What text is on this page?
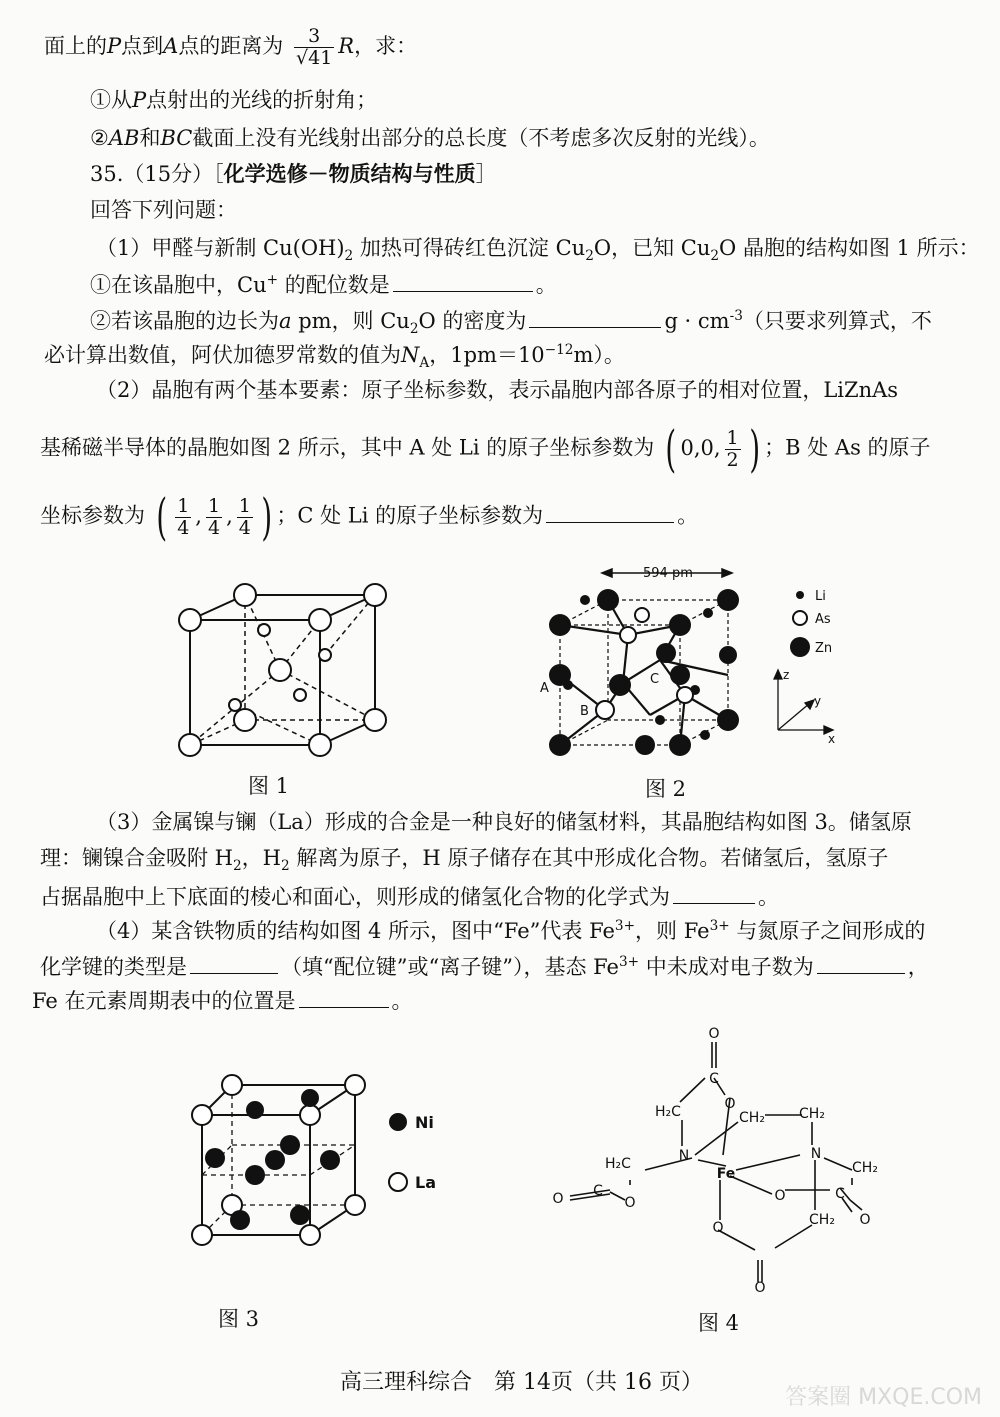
面上的P点到A点的距离为 $\frac{3}{√41}$ R，求：
①从P点射出的光线的折射角；
②AB和BC截面上没有光线射出部分的总长度（不考虑多次反射的光线）。
35.（15分）［化学选修－物质结构与性质］
回答下列问题：
（1）甲醛与新制 $Cu(OH)_2$ 加热可得砖红色沉淀 $Cu_2O$，已知 $Cu_2O$ 晶胞的结构如图 1 所示：
①在该晶胞中，Cu+ 的配位数是	。
②若该晶胞的边长为a pm，则 $Cu_2O$ 的密度为	$g \cdot cm^{-3}$（只要求列算式，不
必计算出数值，阿伏加德罗常数的值为$N_A$，$1pm=10^{-12}m$）。
（2）晶胞有两个基本要素：原子坐标参数，表示晶胞内部各原子的相对位置，LiZnAs
基稀磁半导体的晶胞如图 2 所示，其中 A 处 Li 的原子坐标参数为 ( 0,0, $\frac{1}{2}$ ) ；B 处 As 的原子
坐标参数为 ( $\frac{1}{4}$ , $\frac{1}{4}$ , $\frac{1}{4}$ ) ；C 处 Li 的原子坐标参数为	。
图 1
594 pm
A
B
C
Li
As
Zn
z
y
x
图 2
（3）金属镍与镧（La）形成的合金是一种良好的储氢材料，其晶胞结构如图 3。储氢原
理：镧镍合金吸附 $H_2$，$H_2$ 解离为原子，H 原子储存在其中形成化合物。若储氢后，氢原子
占据晶胞中上下底面的棱心和面心，则形成的储氢化合物的化学式为	。
（4）某含铁物质的结构如图 4 所示，图中“Fe”代表 $Fe^{3+}$，则 $Fe^{3+}$ 与氮原子之间形成的
化学键的类型是	（填“配位键”或“离子键”），基态 $Fe^{3+}$ 中未成对电子数为	，
Fe 在元素周期表中的位置是	。
Ni
La
图 3
O
C
O
H₂C	CH₂ CH₂
N	N
Fe
H₂C	CH₂
O C
O	O
CH₂ O
C
O
O
图 4
高三理科综合　第 14页（共 16 页）
答案圈 MXQE.COM
